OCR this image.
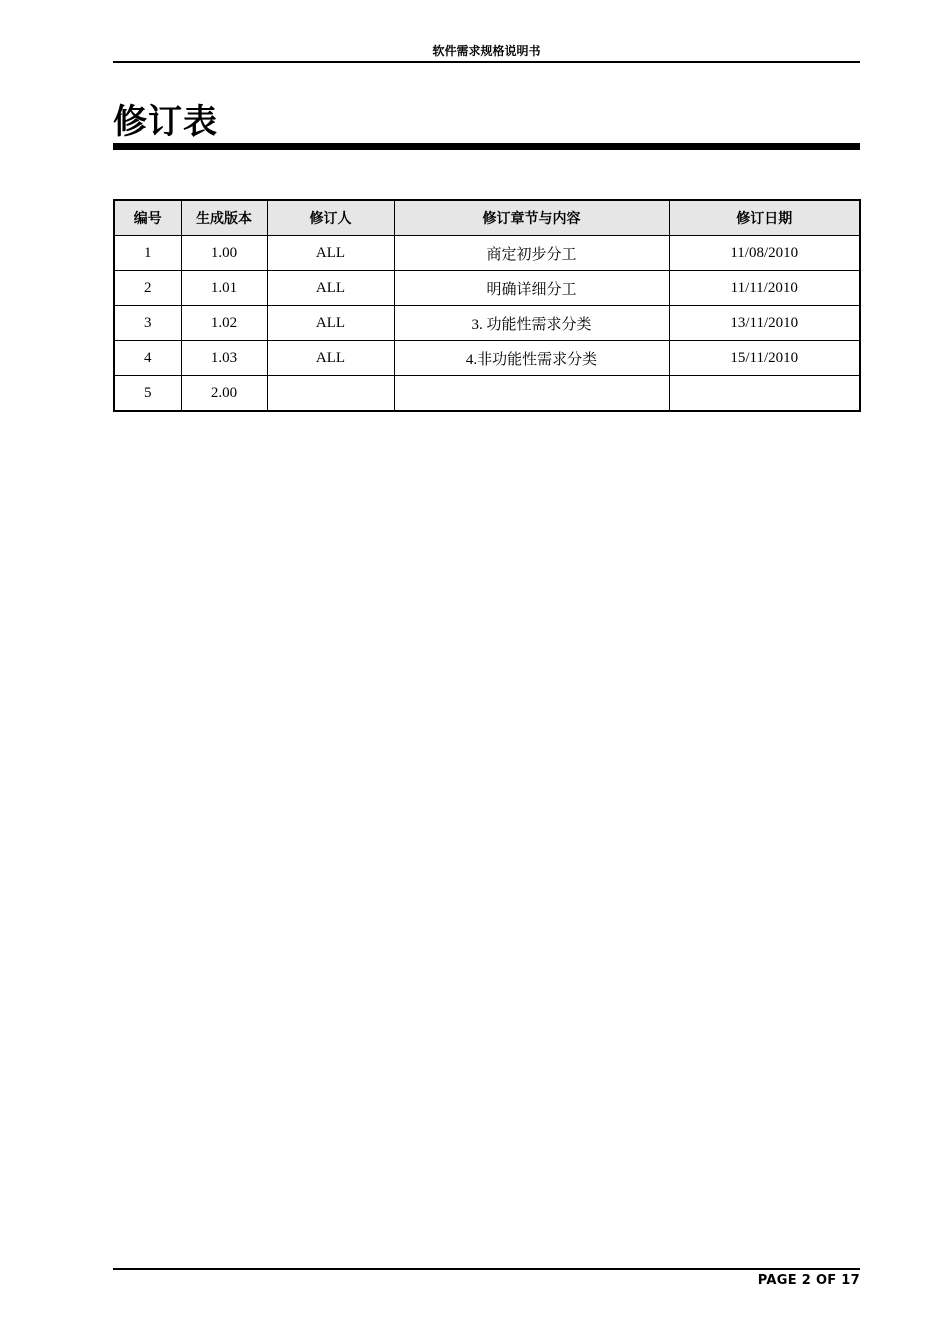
软件需求规格说明书
修订表
编号	生成版本	修订人	修订章节与内容	修订日期
1	1.00	ALL	商定初步分工	11/08/2010
2	1.01	ALL	明确详细分工	11/11/2010
3	1.02	ALL	3. 功能性需求分类	13/11/2010
4	1.03	ALL	4.非功能性需求分类	15/11/2010
5	2.00			
PAGE 2 OF 17
